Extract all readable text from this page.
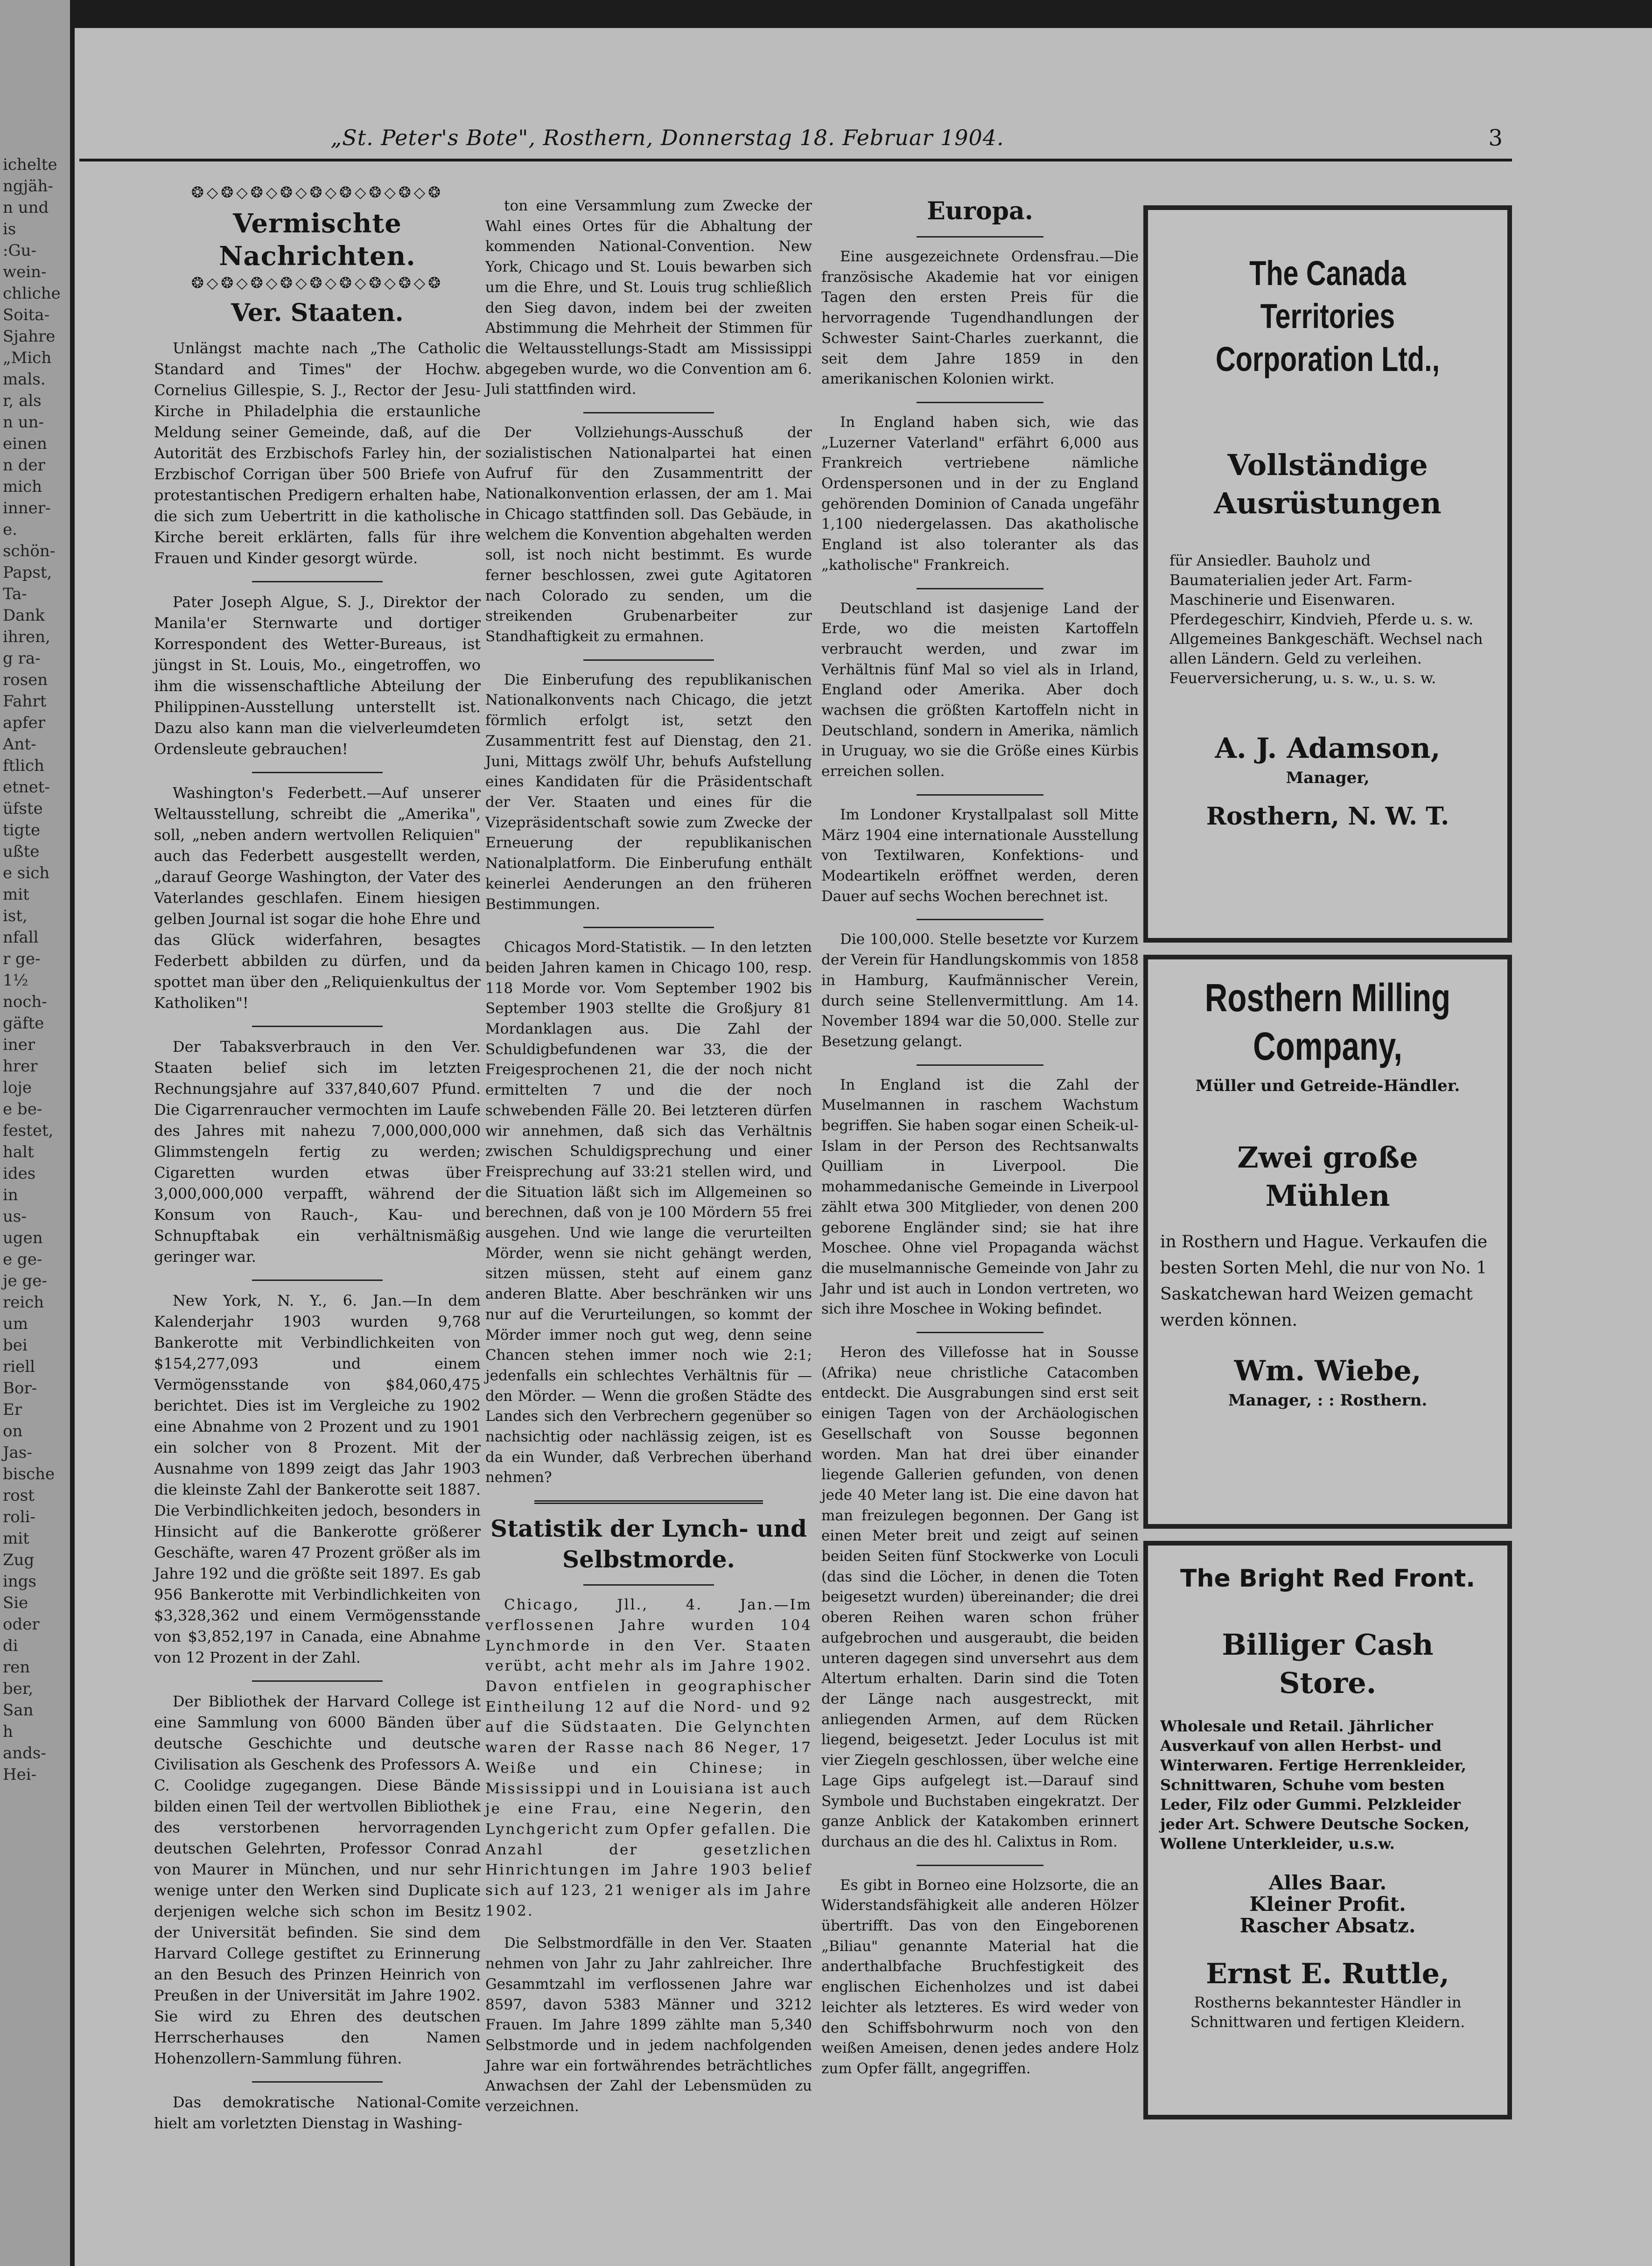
ichelte
ngjäh-
n und
is
:Gu-
wein-
chliche
Soita-
Sjahre
„Mich
mals.
r, als
n un-
einen
n der
mich
inner-
e.
schön-
Papst,
Ta-
Dank
ihren,
g ra-
rosen
Fahrt
apfer
Ant-
ftlich
etnet-
üfste
tigte
ußte
e sich
mit
ist,
nfall
r ge-
1½
noch-
gäfte
iner
hrer
loje
e be-
festet,
halt
ides
in
us-
ugen
e ge-
je ge-
reich
um
bei
riell
Bor-
Er
on
Jas-
bische
rost
roli-
mit
Zug
ings
Sie
oder
di
ren
ber,
San
h
ands-
Hei-
„St. Peter's Bote", Rosthern, Donnerstag 18. Februar 1904.	3
❂◇❂◇❂◇❂◇❂◇❂◇❂◇❂◇❂
Vermischte Nachrichten.
❂◇❂◇❂◇❂◇❂◇❂◇❂◇❂◇❂
Ver. Staaten.

Unlängst machte nach „The Catholic Standard and Times" der Hochw. Cornelius Gillespie, S. J., Rector der Jesu-Kirche in Philadelphia die erstaunliche Meldung seiner Gemeinde, daß, auf die Autorität des Erzbischofs Farley hin, der Erzbischof Corrigan über 500 Briefe von protestantischen Predigern erhalten habe, die sich zum Uebertritt in die katholische Kirche bereit erklärten, falls für ihre Frauen und Kinder gesorgt würde.

Pater Joseph Algue, S. J., Direktor der Manila'er Sternwarte und dortiger Korrespondent des Wetter-Bureaus, ist jüngst in St. Louis, Mo., eingetroffen, wo ihm die wissenschaftliche Abteilung der Philippinen-Ausstellung unterstellt ist. Dazu also kann man die vielverleumdeten Ordensleute gebrauchen!

Washington's Federbett.—Auf unserer Weltausstellung, schreibt die „Amerika", soll, „neben andern wertvollen Reliquien" auch das Federbett ausgestellt werden, „darauf George Washington, der Vater des Vaterlandes geschlafen. Einem hiesigen gelben Journal ist sogar die hohe Ehre und das Glück widerfahren, besagtes Federbett abbilden zu dürfen, und da spottet man über den „Reliquienkultus der Katholiken"!

Der Tabaksverbrauch in den Ver. Staaten belief sich im letzten Rechnungsjahre auf 337,840,607 Pfund. Die Cigarrenraucher vermochten im Laufe des Jahres mit nahezu 7,000,000,000 Glimmstengeln fertig zu werden; Cigaretten wurden etwas über 3,000,000,000 verpafft, während der Konsum von Rauch-, Kau- und Schnupftabak ein verhältnismäßig geringer war.

New York, N. Y., 6. Jan.—In dem Kalenderjahr 1903 wurden 9,768 Bankerotte mit Verbindlichkeiten von $154,277,093 und einem Vermögensstande von $84,060,475 berichtet. Dies ist im Vergleiche zu 1902 eine Abnahme von 2 Prozent und zu 1901 ein solcher von 8 Prozent. Mit der Ausnahme von 1899 zeigt das Jahr 1903 die kleinste Zahl der Bankerotte seit 1887. Die Verbindlichkeiten jedoch, besonders in Hinsicht auf die Bankerotte größerer Geschäfte, waren 47 Prozent größer als im Jahre 192 und die größte seit 1897. Es gab 956 Bankerotte mit Verbindlichkeiten von $3,328,362 und einem Vermögensstande von $3,852,197 in Canada, eine Abnahme von 12 Prozent in der Zahl.

Der Bibliothek der Harvard College ist eine Sammlung von 6000 Bänden über deutsche Geschichte und deutsche Civilisation als Geschenk des Professors A. C. Coolidge zugegangen. Diese Bände bilden einen Teil der wertvollen Bibliothek des verstorbenen hervorragenden deutschen Gelehrten, Professor Conrad von Maurer in München, und nur sehr wenige unter den Werken sind Duplicate derjenigen welche sich schon im Besitz der Universität befinden. Sie sind dem Harvard College gestiftet zu Erinnerung an den Besuch des Prinzen Heinrich von Preußen in der Universität im Jahre 1902. Sie wird zu Ehren des deutschen Herrscherhauses den Namen Hohenzollern-Sammlung führen.

Das demokratische National-Comite hielt am vorletzten Dienstag in Washing-

ton eine Versammlung zum Zwecke der Wahl eines Ortes für die Abhaltung der kommenden National-Convention. New York, Chicago und St. Louis bewarben sich um die Ehre, und St. Louis trug schließlich den Sieg davon, indem bei der zweiten Abstimmung die Mehrheit der Stimmen für die Weltausstellungs-Stadt am Mississippi abgegeben wurde, wo die Convention am 6. Juli stattfinden wird.

Der Vollziehungs-Ausschuß der sozialistischen Nationalpartei hat einen Aufruf für den Zusammentritt der Nationalkonvention erlassen, der am 1. Mai in Chicago stattfinden soll. Das Gebäude, in welchem die Konvention abgehalten werden soll, ist noch nicht bestimmt. Es wurde ferner beschlossen, zwei gute Agitatoren nach Colorado zu senden, um die streikenden Grubenarbeiter zur Standhaftigkeit zu ermahnen.

Die Einberufung des republikanischen Nationalkonvents nach Chicago, die jetzt förmlich erfolgt ist, setzt den Zusammentritt fest auf Dienstag, den 21. Juni, Mittags zwölf Uhr, behufs Aufstellung eines Kandidaten für die Präsidentschaft der Ver. Staaten und eines für die Vizepräsidentschaft sowie zum Zwecke der Erneuerung der republikanischen Nationalplatform. Die Einberufung enthält keinerlei Aenderungen an den früheren Bestimmungen.

Chicagos Mord-Statistik. — In den letzten beiden Jahren kamen in Chicago 100, resp. 118 Morde vor. Vom September 1902 bis September 1903 stellte die Großjury 81 Mordanklagen aus. Die Zahl der Schuldigbefundenen war 33, die der Freigesprochenen 21, die der noch nicht ermittelten 7 und die der noch schwebenden Fälle 20. Bei letzteren dürfen wir annehmen, daß sich das Verhältnis zwischen Schuldigsprechung und einer Freisprechung auf 33:21 stellen wird, und die Situation läßt sich im Allgemeinen so berechnen, daß von je 100 Mördern 55 frei ausgehen. Und wie lange die verurteilten Mörder, wenn sie nicht gehängt werden, sitzen müssen, steht auf einem ganz anderen Blatte. Aber beschränken wir uns nur auf die Verurteilungen, so kommt der Mörder immer noch gut weg, denn seine Chancen stehen immer noch wie 2:1; jedenfalls ein schlechtes Verhältnis für — den Mörder. — Wenn die großen Städte des Landes sich den Verbrechern gegenüber so nachsichtig oder nachlässig zeigen, ist es da ein Wunder, daß Verbrechen überhand nehmen?

Statistik der Lynch- und Selbstmorde.

Chicago, Jll., 4. Jan.—Im verflossenen Jahre wurden 104 Lynchmorde in den Ver. Staaten verübt, acht mehr als im Jahre 1902. Davon entfielen in geographischer Eintheilung 12 auf die Nord- und 92 auf die Südstaaten. Die Gelynchten waren der Rasse nach 86 Neger, 17 Weiße und ein Chinese; in Mississippi und in Louisiana ist auch je eine Frau, eine Negerin, den Lynchgericht zum Opfer gefallen. Die Anzahl der gesetzlichen Hinrichtungen im Jahre 1903 belief sich auf 123, 21 weniger als im Jahre 1902.

Die Selbstmordfälle in den Ver. Staaten nehmen von Jahr zu Jahr zahlreicher. Ihre Gesammtzahl im verflossenen Jahre war 8597, davon 5383 Männer und 3212 Frauen. Im Jahre 1899 zählte man 5,340 Selbstmorde und in jedem nachfolgenden Jahre war ein fortwährendes beträchtliches Anwachsen der Zahl der Lebensmüden zu verzeichnen.

Europa.

Eine ausgezeichnete Ordensfrau.—Die französische Akademie hat vor einigen Tagen den ersten Preis für die hervorragende Tugendhandlungen der Schwester Saint-Charles zuerkannt, die seit dem Jahre 1859 in den amerikanischen Kolonien wirkt.

In England haben sich, wie das „Luzerner Vaterland" erfährt 6,000 aus Frankreich vertriebene nämliche Ordenspersonen und in der zu England gehörenden Dominion of Canada ungefähr 1,100 niedergelassen. Das akatholische England ist also toleranter als das „katholische" Frankreich.

Deutschland ist dasjenige Land der Erde, wo die meisten Kartoffeln verbraucht werden, und zwar im Verhältnis fünf Mal so viel als in Irland, England oder Amerika. Aber doch wachsen die größten Kartoffeln nicht in Deutschland, sondern in Amerika, nämlich in Uruguay, wo sie die Größe eines Kürbis erreichen sollen.

Im Londoner Krystallpalast soll Mitte März 1904 eine internationale Ausstellung von Textilwaren, Konfektions- und Modeartikeln eröffnet werden, deren Dauer auf sechs Wochen berechnet ist.

Die 100,000. Stelle besetzte vor Kurzem der Verein für Handlungskommis von 1858 in Hamburg, Kaufmännischer Verein, durch seine Stellenvermittlung. Am 14. November 1894 war die 50,000. Stelle zur Besetzung gelangt.

In England ist die Zahl der Muselmannen in raschem Wachstum begriffen. Sie haben sogar einen Scheik-ul-Islam in der Person des Rechtsanwalts Quilliam in Liverpool. Die mohammedanische Gemeinde in Liverpool zählt etwa 300 Mitglieder, von denen 200 geborene Engländer sind; sie hat ihre Moschee. Ohne viel Propaganda wächst die muselmannische Gemeinde von Jahr zu Jahr und ist auch in London vertreten, wo sich ihre Moschee in Woking befindet.

Heron des Villefosse hat in Sousse (Afrika) neue christliche Catacomben entdeckt. Die Ausgrabungen sind erst seit einigen Tagen von der Archäologischen Gesellschaft von Sousse begonnen worden. Man hat drei über einander liegende Gallerien gefunden, von denen jede 40 Meter lang ist. Die eine davon hat man freizulegen begonnen. Der Gang ist einen Meter breit und zeigt auf seinen beiden Seiten fünf Stockwerke von Loculi (das sind die Löcher, in denen die Toten beigesetzt wurden) übereinander; die drei oberen Reihen waren schon früher aufgebrochen und ausgeraubt, die beiden unteren dagegen sind unversehrt aus dem Altertum erhalten. Darin sind die Toten der Länge nach ausgestreckt, mit anliegenden Armen, auf dem Rücken liegend, beigesetzt. Jeder Loculus ist mit vier Ziegeln geschlossen, über welche eine Lage Gips aufgelegt ist.—Darauf sind Symbole und Buchstaben eingekratzt. Der ganze Anblick der Katakomben erinnert durchaus an die des hl. Calixtus in Rom.

Es gibt in Borneo eine Holzsorte, die an Widerstandsfähigkeit alle anderen Hölzer übertrifft. Das von den Eingeborenen „Biliau" genannte Material hat die anderthalbfache Bruchfestigkeit des englischen Eichenholzes und ist dabei leichter als letzteres. Es wird weder von den Schiffsbohrwurm noch von den weißen Ameisen, denen jedes andere Holz zum Opfer fällt, angegriffen.

The Canada Territories Corporation Ltd.,
Vollständige Ausrüstungen
für Ansiedler. Bauholz und Baumaterialien jeder Art. Farm-Maschinerie und Eisenwaren. Pferdegeschirr, Kindvieh, Pferde u. s. w. Allgemeines Bankgeschäft. Wechsel nach allen Ländern. Geld zu verleihen. Feuerversicherung, u. s. w., u. s. w.
A. J. Adamson,
Manager,
Rosthern, N. W. T.
Rosthern Milling Company,
Müller und Getreide-Händler.
Zwei große Mühlen
in Rosthern und Hague. Verkaufen die besten Sorten Mehl, die nur von No. 1 Saskatchewan hard Weizen gemacht werden können.
Wm. Wiebe,
Manager, : : Rosthern.
The Bright Red Front.
Billiger Cash Store.
Wholesale und Retail. Jährlicher Ausverkauf von allen Herbst- und Winterwaren. Fertige Herrenkleider, Schnittwaren, Schuhe vom besten Leder, Filz oder Gummi. Pelzkleider jeder Art. Schwere Deutsche Socken, Wollene Unterkleider, u.s.w.
Alles Baar.
Kleiner Profit.
Rascher Absatz.
Ernst E. Ruttle,
Rostherns bekanntester Händler in Schnittwaren und fertigen Kleidern.
